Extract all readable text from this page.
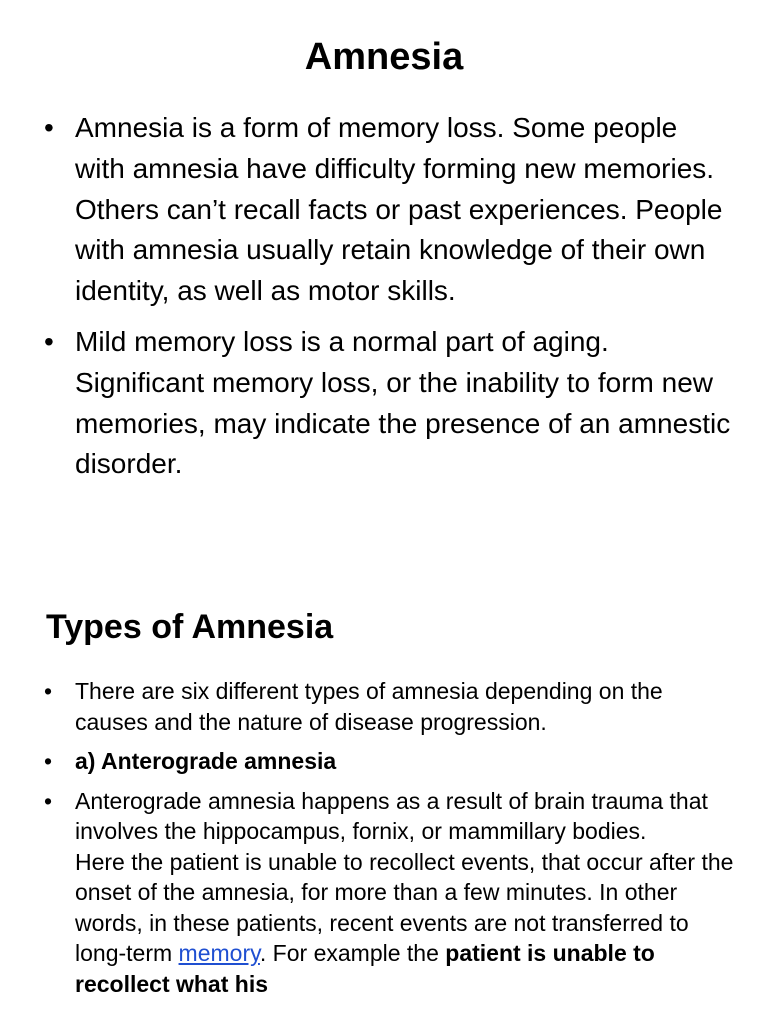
Amnesia
• Amnesia is a form of memory loss. Some people with amnesia have difficulty forming new memories. Others can’t recall facts or past experiences. People with amnesia usually retain knowledge of their own identity, as well as motor skills.
• Mild memory loss is a normal part of aging. Significant memory loss, or the inability to form new memories, may indicate the presence of an amnestic disorder.
Types of Amnesia
• There are six different types of amnesia depending on the causes and the nature of disease progression.
• a) Anterograde amnesia
• Anterograde amnesia happens as a result of brain trauma that involves the hippocampus, fornix, or mammillary bodies.
Here the patient is unable to recollect events, that occur after the onset of the amnesia, for more than a few minutes. In other words, in these patients, recent events are not transferred to long-term memory. For example the patient is unable to recollect what his
